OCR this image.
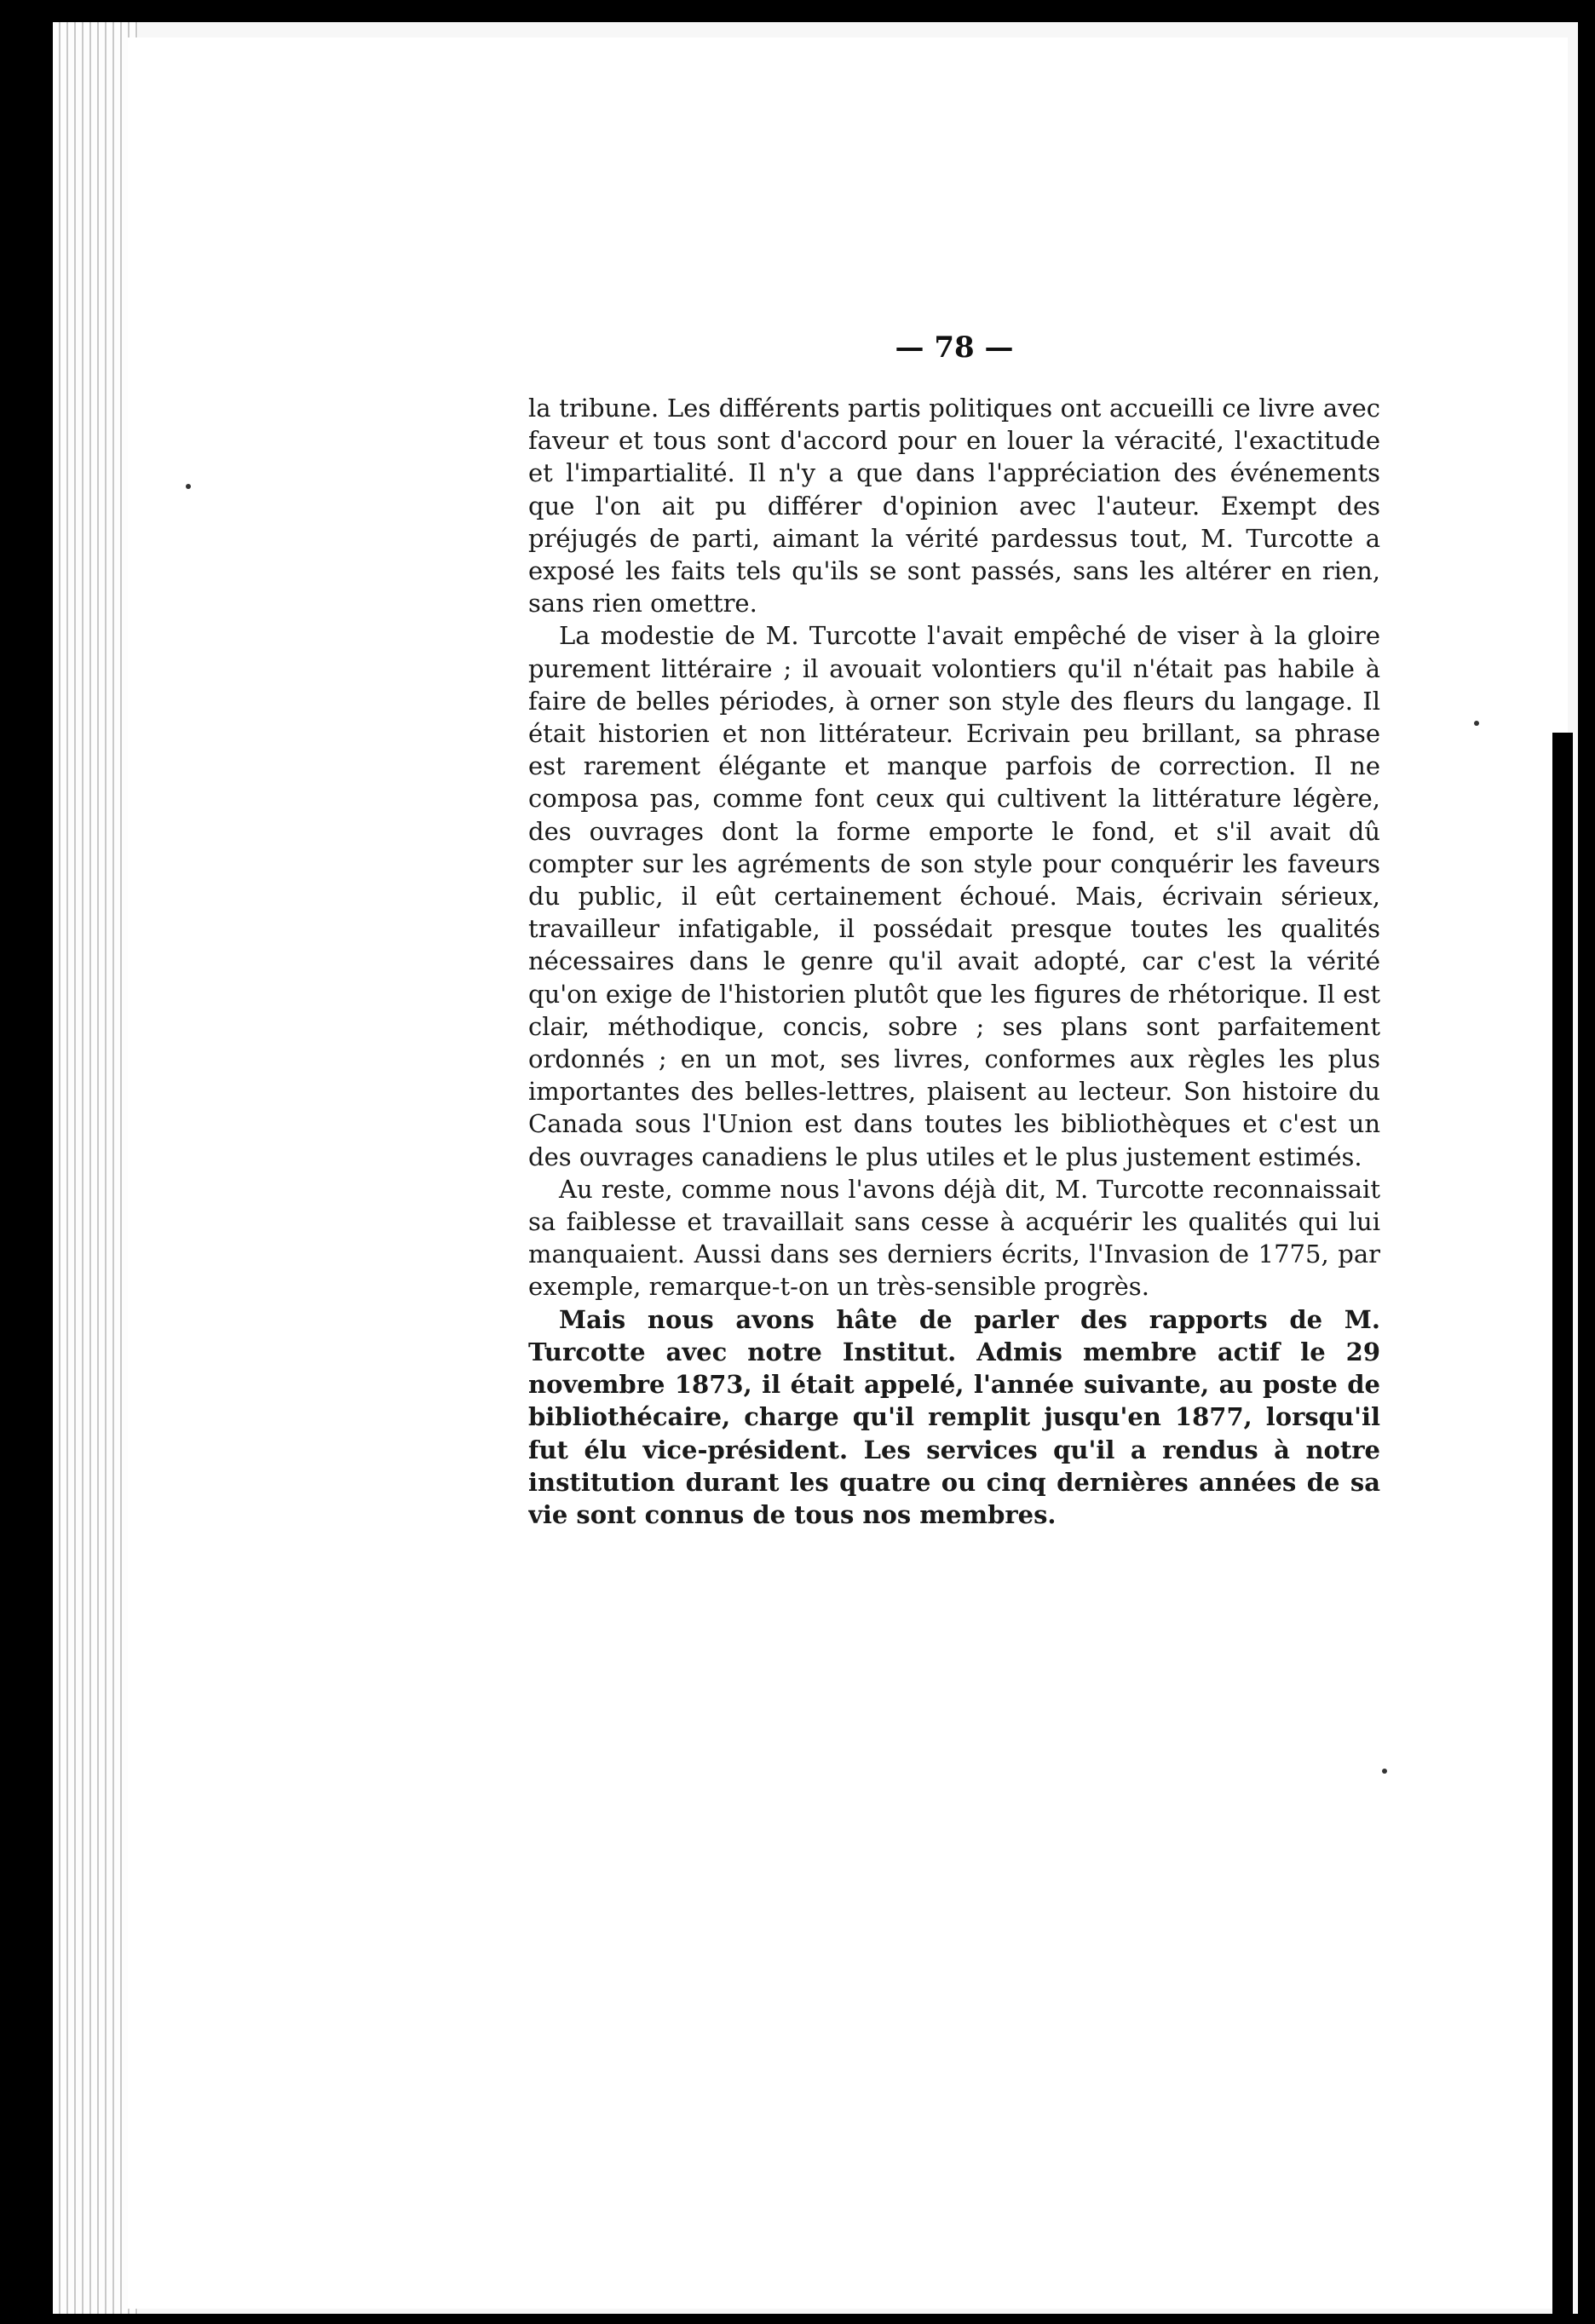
— 78 —

la tribune. Les différents partis politiques ont accueilli ce livre avec faveur et tous sont d'accord pour en louer la véracité, l'exactitude et l'impartialité. Il n'y a que dans l'appréciation des événements que l'on ait pu différer d'opinion avec l'auteur. Exempt des préjugés de parti, aimant la vérité pardessus tout, M. Turcotte a exposé les faits tels qu'ils se sont passés, sans les altérer en rien, sans rien omettre.

La modestie de M. Turcotte l'avait empêché de viser à la gloire purement littéraire ; il avouait volontiers qu'il n'était pas habile à faire de belles périodes, à orner son style des fleurs du langage. Il était historien et non littérateur. Ecrivain peu brillant, sa phrase est rarement élégante et manque parfois de correction. Il ne composa pas, comme font ceux qui cultivent la littérature légère, des ouvrages dont la forme emporte le fond, et s'il avait dû compter sur les agréments de son style pour conquérir les faveurs du public, il eût certainement échoué. Mais, écrivain sérieux, travailleur infatigable, il possédait presque toutes les qualités nécessaires dans le genre qu'il avait adopté, car c'est la vérité qu'on exige de l'historien plutôt que les figures de rhétorique. Il est clair, méthodique, concis, sobre ; ses plans sont parfaitement ordonnés ; en un mot, ses livres, conformes aux règles les plus importantes des belles-lettres, plaisent au lecteur. Son histoire du Canada sous l'Union est dans toutes les bibliothèques et c'est un des ouvrages canadiens le plus utiles et le plus justement estimés.

Au reste, comme nous l'avons déjà dit, M. Turcotte reconnaissait sa faiblesse et travaillait sans cesse à acquérir les qualités qui lui manquaient. Aussi dans ses derniers écrits, l'Invasion de 1775, par exemple, remarque-t-on un très-sensible progrès.

Mais nous avons hâte de parler des rapports de M. Turcotte avec notre Institut. Admis membre actif le 29 novembre 1873, il était appelé, l'année suivante, au poste de bibliothécaire, charge qu'il remplit jusqu'en 1877, lorsqu'il fut élu vice-président. Les services qu'il a rendus à notre institution durant les quatre ou cinq dernières années de sa vie sont connus de tous nos membres.
